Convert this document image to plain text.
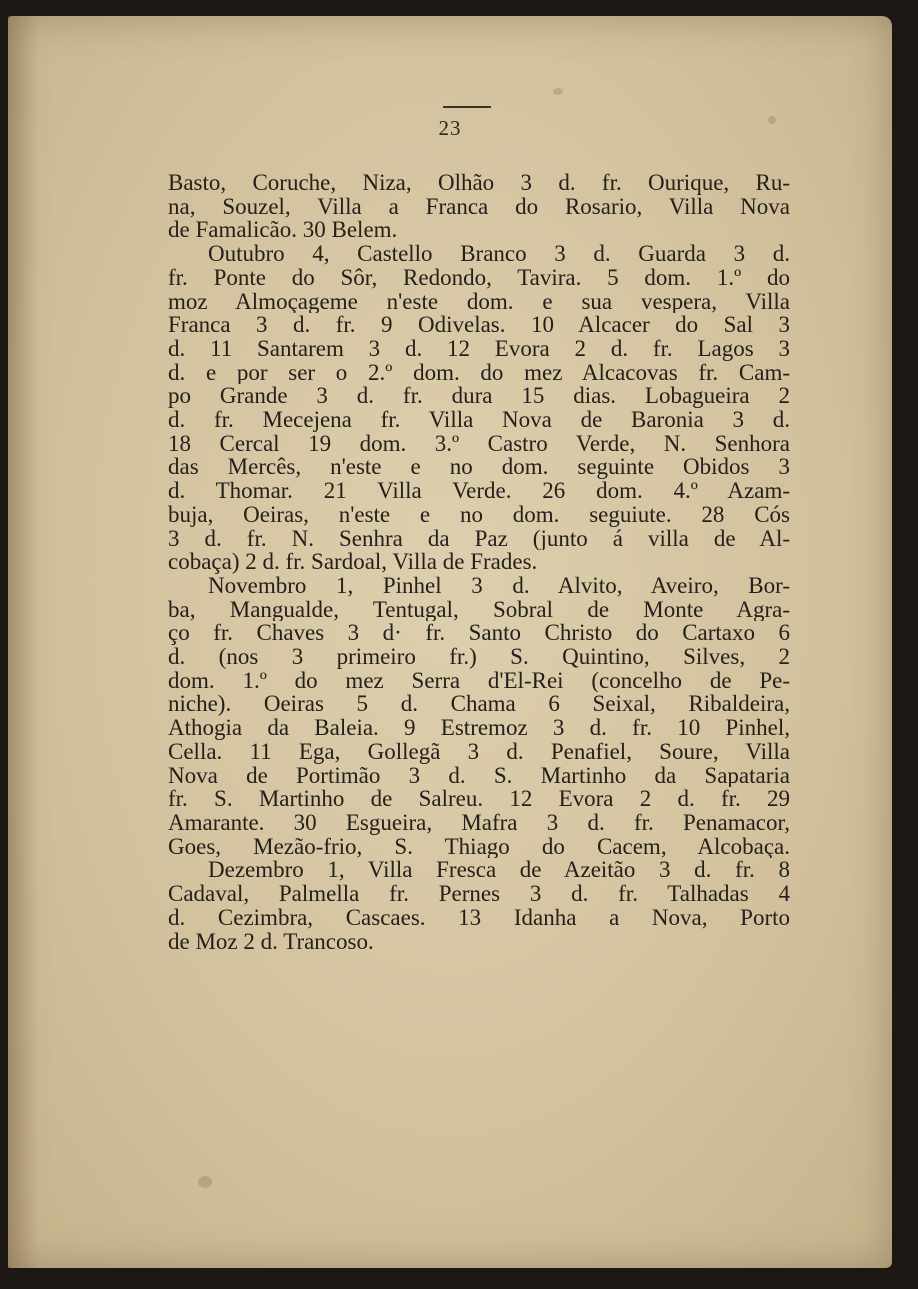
23
Basto, Coruche, Niza, Olhão 3 d. fr. Ourique, Ru-
na, Souzel, Villa a Franca do Rosario, Villa Nova
de Famalicão. 30 Belem.
Outubro 4, Castello Branco 3 d. Guarda 3 d.
fr. Ponte do Sôr, Redondo, Tavira. 5 dom. 1.º do
moz Almoçageme n'este dom. e sua vespera, Villa
Franca 3 d. fr. 9 Odivelas. 10 Alcacer do Sal 3
d. 11 Santarem 3 d. 12 Evora 2 d. fr. Lagos 3
d. e por ser o 2.º dom. do mez Alcacovas fr. Cam-
po Grande 3 d. fr. dura 15 dias. Lobagueira 2
d. fr. Mecejena fr. Villa Nova de Baronia 3 d.
18 Cercal 19 dom. 3.º Castro Verde, N. Senhora
das Mercês, n'este e no dom. seguinte Obidos 3
d. Thomar. 21 Villa Verde. 26 dom. 4.º Azam-
buja, Oeiras, n'este e no dom. seguiute. 28 Cós
3 d. fr. N. Senhra da Paz (junto á villa de Al-
cobaça) 2 d. fr. Sardoal, Villa de Frades.
Novembro 1, Pinhel 3 d. Alvito, Aveiro, Bor-
ba, Mangualde, Tentugal, Sobral de Monte Agra-
ço fr. Chaves 3 d· fr. Santo Christo do Cartaxo 6
d. (nos 3 primeiro fr.) S. Quintino, Silves, 2
dom. 1.º do mez Serra d'El-Rei (concelho de Pe-
niche). Oeiras 5 d. Chama 6 Seixal, Ribaldeira,
Athogia da Baleia. 9 Estremoz 3 d. fr. 10 Pinhel,
Cella. 11 Ega, Gollegã 3 d. Penafiel, Soure, Villa
Nova de Portimão 3 d. S. Martinho da Sapataria
fr. S. Martinho de Salreu. 12 Evora 2 d. fr. 29
Amarante. 30 Esgueira, Mafra 3 d. fr. Penamacor,
Goes, Mezão-frio, S. Thiago do Cacem, Alcobaça.
Dezembro 1, Villa Fresca de Azeitão 3 d. fr. 8
Cadaval, Palmella fr. Pernes 3 d. fr. Talhadas 4
d. Cezimbra, Cascaes. 13 Idanha a Nova, Porto
de Moz 2 d. Trancoso.
